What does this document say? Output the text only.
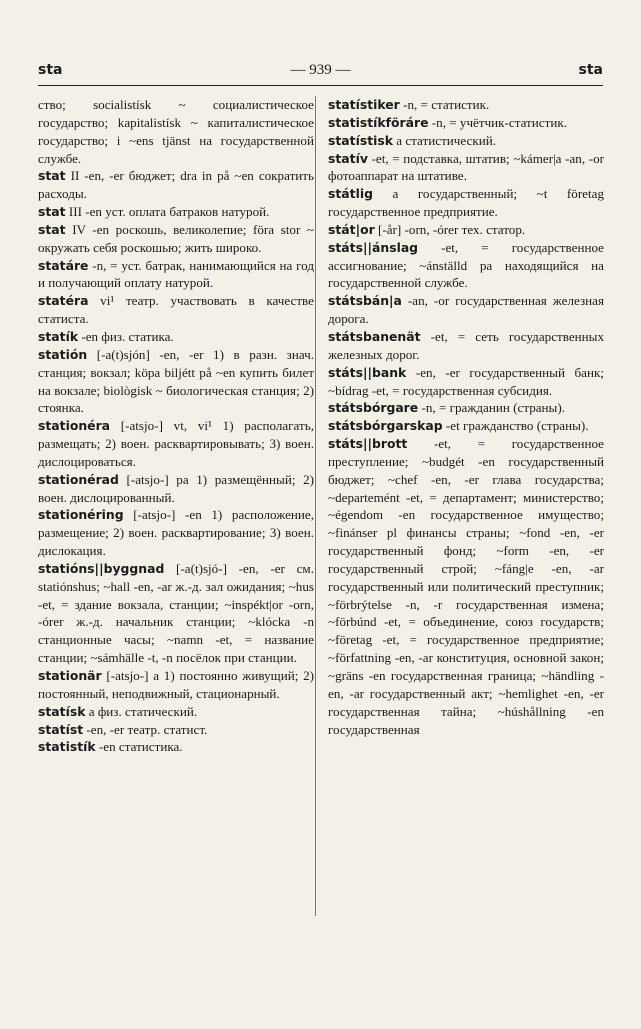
sta	— 939 —	sta

ство; socialistísk ~ социалистическое государство; kapitalistísk ~ капиталистическое государство; i ~ens tjänst на государственной службе.

stat II -en, -er бюджет; dra in på ~en сократить расходы.

stat III -en уст. оплата батраков натурой.

stat IV -en роскошь, великолепие; föra stor ~ окружать себя роскошью; жить широко.

statáre -n, = уст. батрак, нанимающийся на год и получающий оплату натурой.

statéra vi¹ театр. участвовать в качестве статиста.

statík -en физ. статика.

statión [-a(t)sjón] -en, -er 1) в разн. знач. станция; вокзал; köpa biljétt på ~en купить билет на вокзале; biològisk ~ биологическая станция; 2) стоянка.

stationéra [-atsjo-] vt, vi¹ 1) располагать, размещать; 2) воен. расквартировывать; 3) воен. дислоцироваться.

stationérad [-atsjo-] pa 1) размещённый; 2) воен. дислоцированный.

stationéring [-atsjo-] -en 1) расположение, размещение; 2) воен. расквартирование; 3) воен. дислокация.

statións||byggnad [-a(t)sjó-] -en, -er см. statiónshus; ~hall -en, -ar ж.-д. зал ожидания; ~hus -et, = здание вокзала, станции; ~inspékt|or -orn, -órer ж.-д. начальник станции; ~klócka -n станционные часы; ~namn -et, = название станции; ~sámhälle -t, -n посёлок при станции.

stationär [-atsjo-] a 1) постоянно живущий; 2) постоянный, неподвижный, стационарный.

statísk a физ. статический.

statíst -en, -er театр. статист.

statistík -en статистика.

statístiker -n, = статистик.

statistíkföráre -n, = учётчик-статистик.

statístisk a статистический.

statív -et, = подставка, штатив; ~kámer|a -an, -or фотоаппарат на штативе.

státlig a государственный; ~t företag государственное предприятие.

stát|or [-år] -orn, -órer тех. статор.

státs||ánslag -et, = государственное ассигнование; ~ánställd pa находящийся на государственной службе.

státsbán|a -an, -or государственная железная дорога.

státsbanenät -et, = сеть государственных железных дорог.

státs||bank -en, -er государственный банк; ~bídrag -et, = государственная субсидия.

státsbórgare -n, = гражданин (страны).

státsbórgarskap -et гражданство (страны).

státs||brott -et, = государственное преступление; ~budgét -en государственный бюджет; ~chef -en, -er глава государства; ~departemént -et, = департамент; министерство; ~égendom -en государственное имущество; ~finánser pl финансы страны; ~fond -en, -er государственный фонд; ~form -en, -er государственный строй; ~fáng|e -en, -ar государственный или политический преступник; ~förbrýtelse -n, -r государственная измена; ~förbúnd -et, = объединение, союз государств; ~företag -et, = государственное предприятие; ~författning -en, -ar конституция, основной закон; ~gräns -en государственная граница; ~händling -en, -ar государственный акт; ~hemlighet -en, -er государственная тайна; ~húshållning -en государственная
